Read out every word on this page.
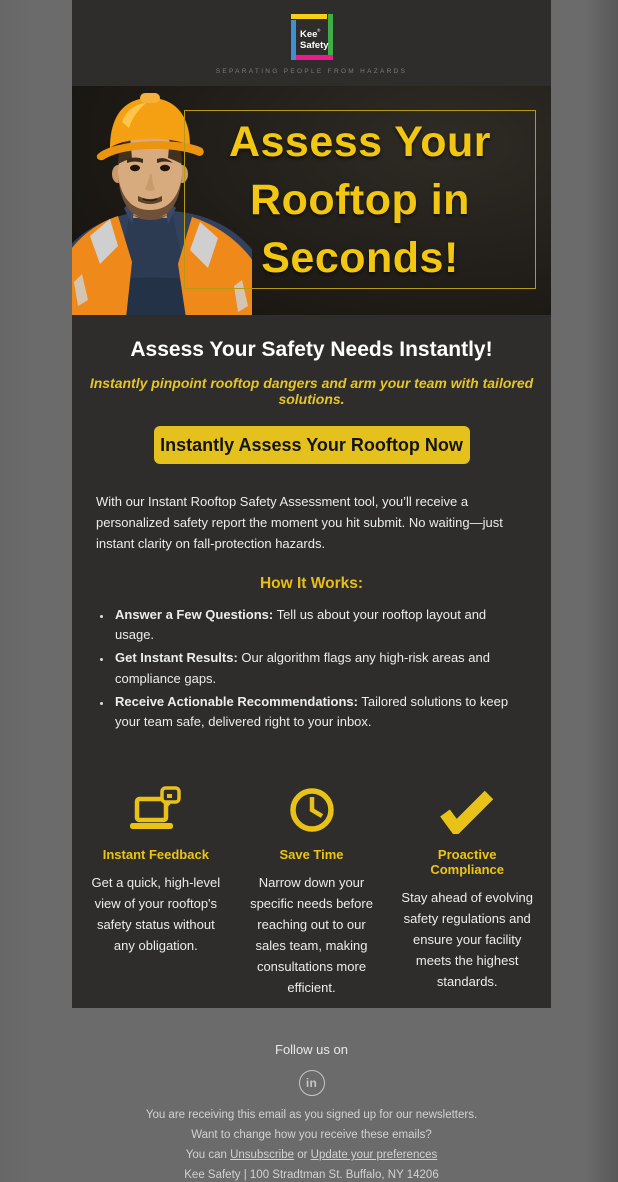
Kee ®
Safety
SEPARATING PEOPLE FROM HAZARDS
Assess Your
Rooftop in
Seconds!
Assess Your Safety Needs Instantly!
Instantly pinpoint rooftop dangers and arm your team with tailored solutions.
Instantly Assess Your Rooftop Now
With our Instant Rooftop Safety Assessment tool, you’ll receive a personalized safety report the moment you hit submit. No waiting—just instant clarity on fall-protection hazards.
How It Works:
• Answer a Few Questions: Tell us about your rooftop layout and usage.
• Get Instant Results: Our algorithm flags any high-risk areas and compliance gaps.
• Receive Actionable Recommendations: Tailored solutions to keep your team safe, delivered right to your inbox.
Instant Feedback
Get a quick, high-level view of your rooftop's safety status without any obligation.
Save Time
Narrow down your specific needs before reaching out to our sales team, making consultations more efficient.
Proactive Compliance
Stay ahead of evolving safety regulations and ensure your facility meets the highest standards.
Follow us on
in

You are receiving this email as you signed up for our newsletters.

Want to change how you receive these emails?

You can Unsubscribe or Update your preferences

Kee Safety | 100 Stradtman St. Buffalo, NY 14206
